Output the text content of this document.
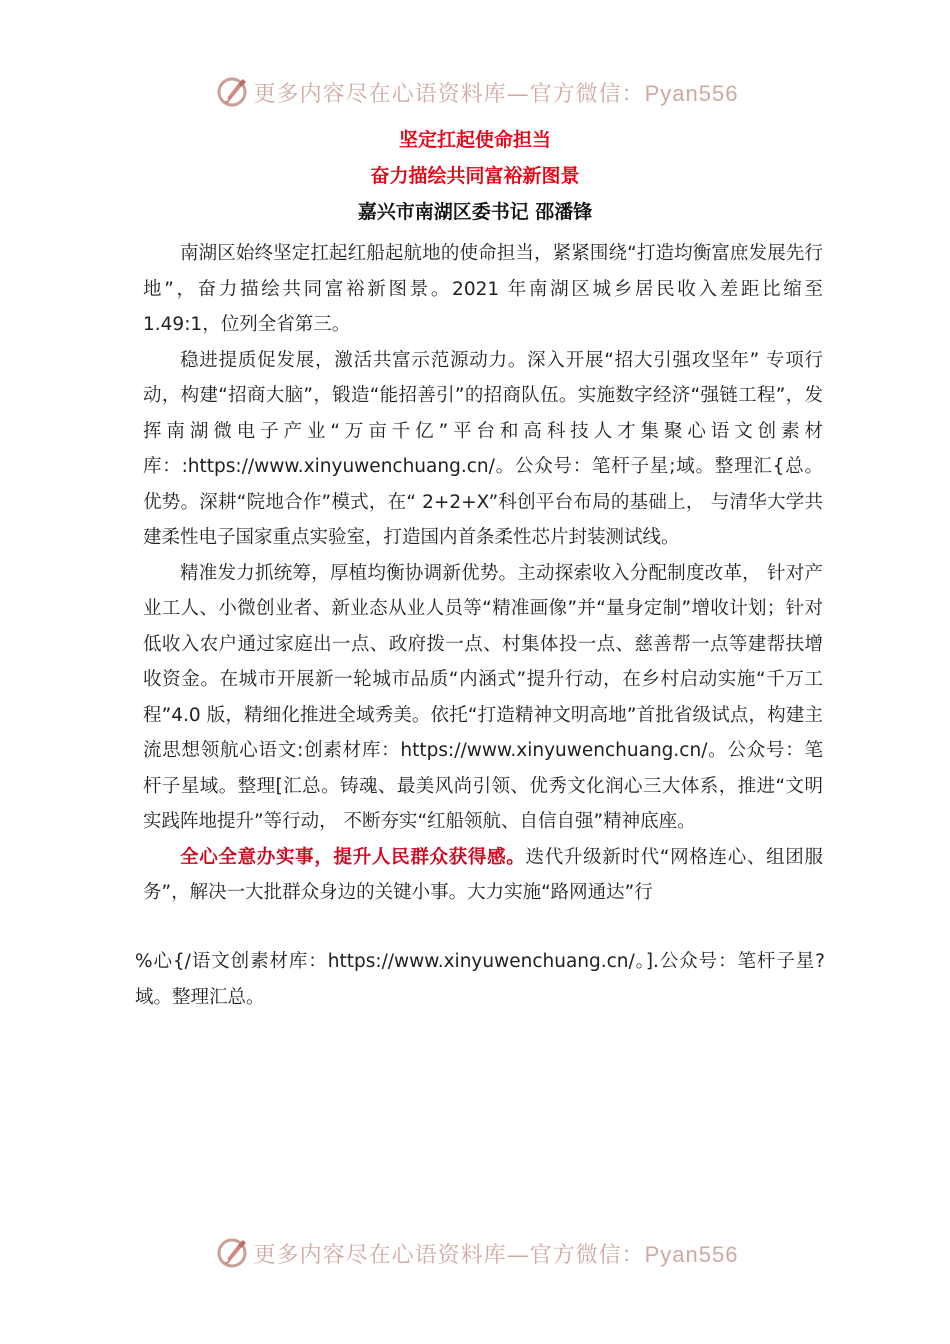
更多内容尽在心语资料库—官方微信：Pyan556
坚定扛起使命担当
奋力描绘共同富裕新图景
嘉兴市南湖区委书记 邵潘锋

南湖区始终坚定扛起红船起航地的使命担当，紧紧围绕“打造均衡富庶发展先行地”，奋力描绘共同富裕新图景。2021 年南湖区城乡居民收入差距比缩至 1.49:1，位列全省第三。

稳进提质促发展，激活共富示范源动力。深入开展“招大引强攻坚年” 专项行动，构建“招商大脑”，锻造“能招善引”的招商队伍。实施数字经济“强链工程”，发挥南湖微电子产业“万亩千亿”平台和高科技人才集聚心语文创素材库：:https://www.xinyuwenchuang.cn/。公众号：笔杆子星;域。整理汇{总。优势。深耕“院地合作”模式，在“ 2+2+X”科创平台布局的基础上， 与清华大学共建柔性电子国家重点实验室，打造国内首条柔性芯片封装测试线。

精准发力抓统筹，厚植均衡协调新优势。主动探索收入分配制度改革， 针对产业工人、小微创业者、新业态从业人员等“精准画像”并“量身定制”增收计划；针对低收入农户通过家庭出一点、政府拨一点、村集体投一点、慈善帮一点等建帮扶增收资金。在城市开展新一轮城市品质“内涵式”提升行动，在乡村启动实施“千万工程”4.0 版，精细化推进全域秀美。依托“打造精神文明高地”首批省级试点，构建主流思想领航心语文:创素材库：https://www.xinyuwenchuang.cn/。公众号：笔杆子星域。整理[汇总。铸魂、最美风尚引领、优秀文化润心三大体系，推进“文明实践阵地提升”等行动， 不断夯实“红船领航、自信自强”精神底座。

全心全意办实事，提升人民群众获得感。迭代升级新时代“网格连心、组团服务”，解决一大批群众身边的关键小事。大力实施“路网通达”行

%心{/语文创素材库：https://www.xinyuwenchuang.cn/。].公众号：笔杆子星?域。整理汇总。

更多内容尽在心语资料库—官方微信：Pyan556
